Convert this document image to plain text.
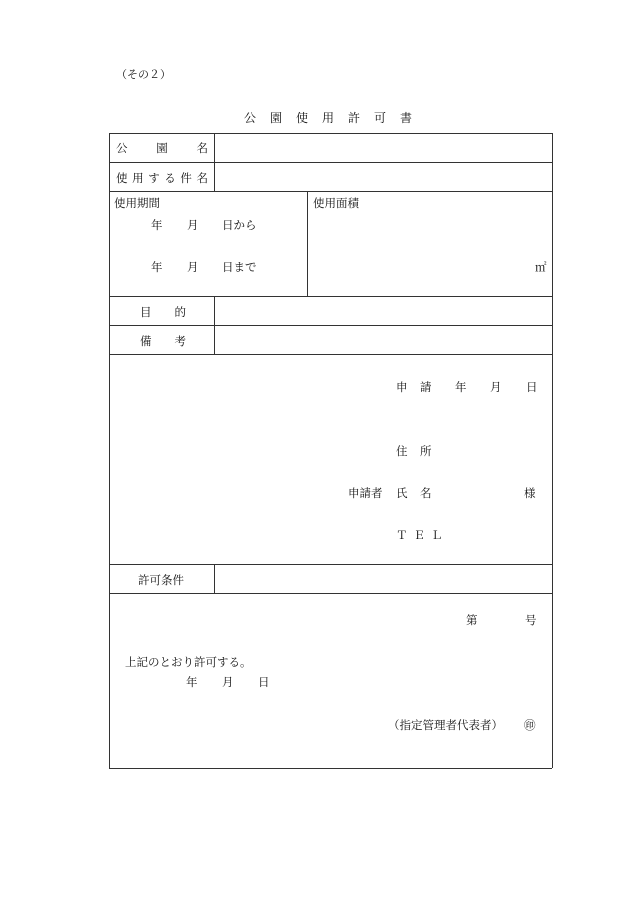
（その２）
公園使用許可書
公	園	名
使 用 す る 件 名
使用期間
年 月 日から
年 月 日まで
使用面積
㎡
目 的
備 考
申 請 年 月 日
住 所
申請者 氏 名	様
ＴＥＬ
許可条件
第	号
上記のとおり許可する。
年 月 日
（指定管理者代表者） ㊞
